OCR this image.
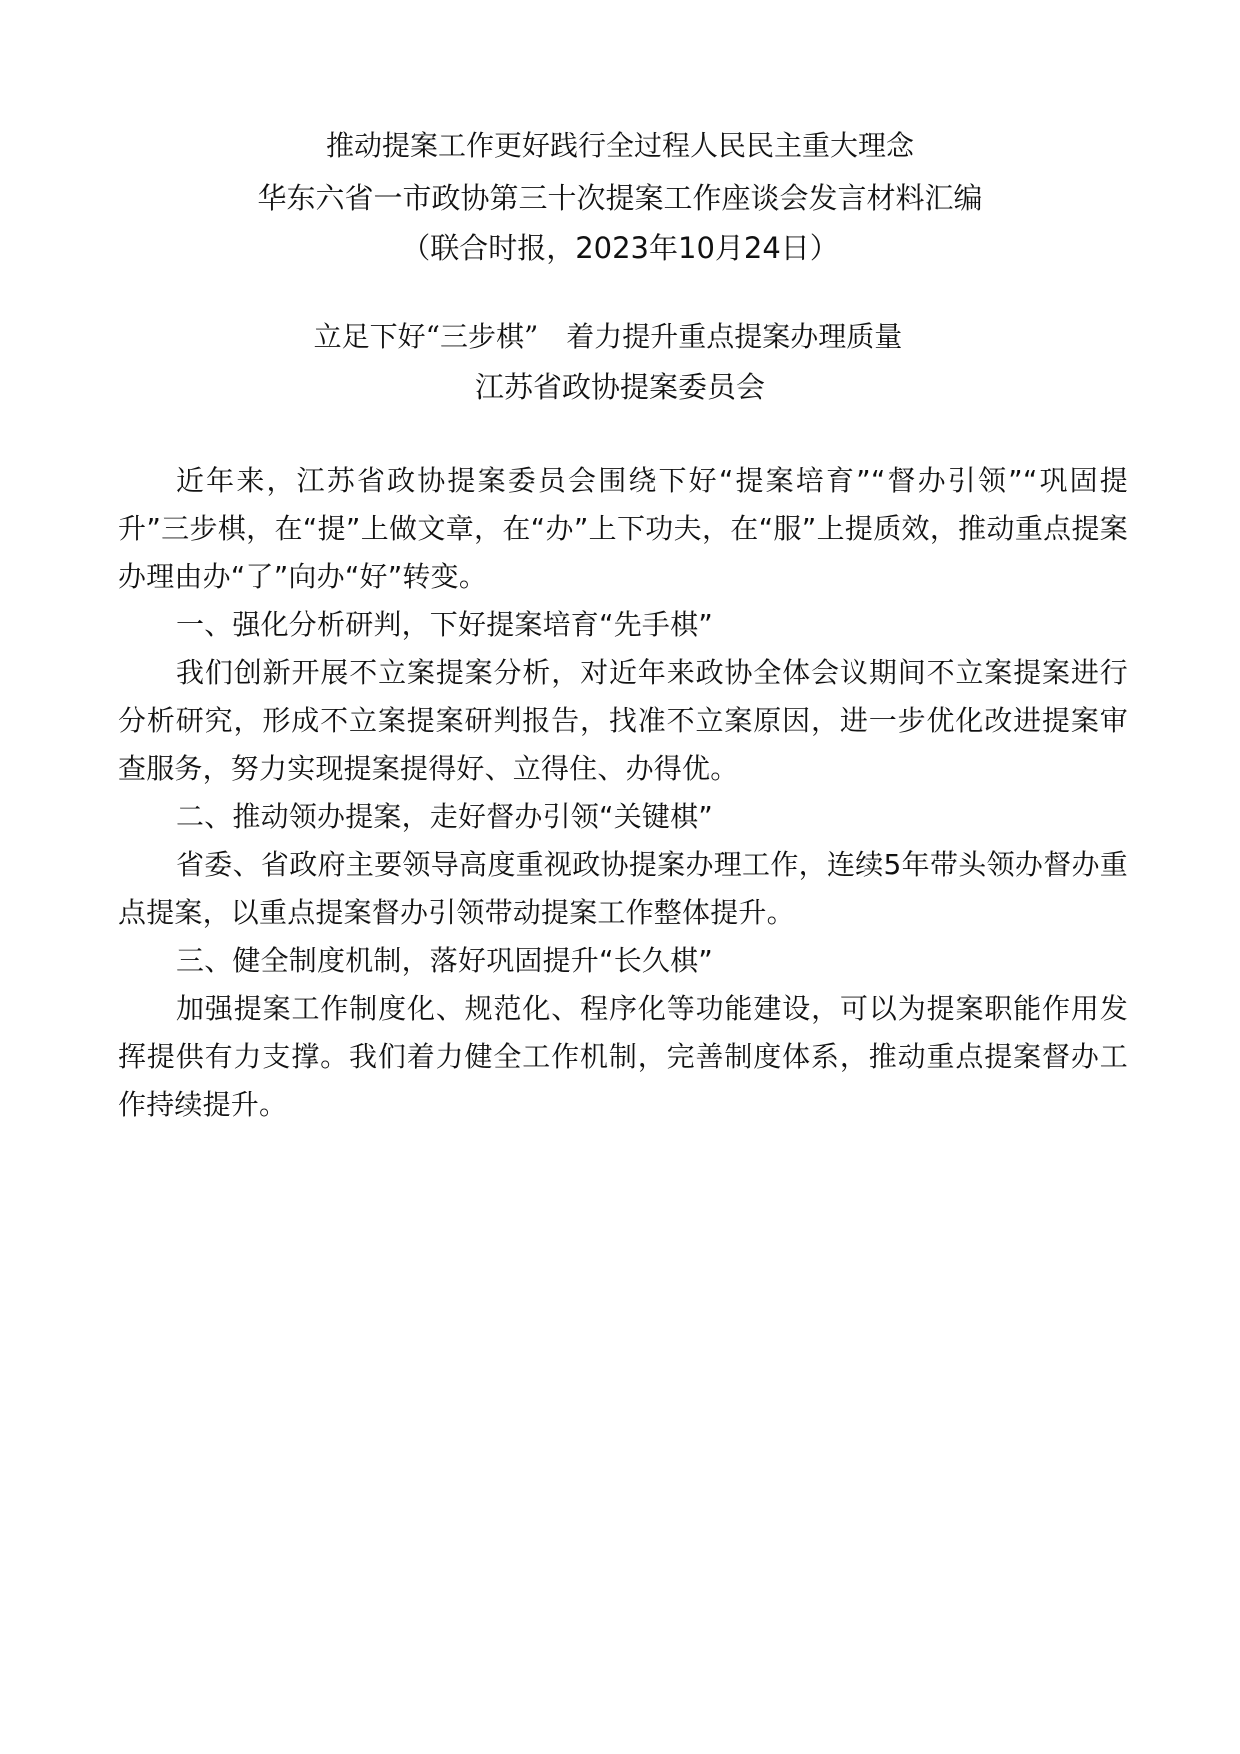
推动提案工作更好践行全过程人民民主重大理念
华东六省一市政协第三十次提案工作座谈会发言材料汇编
（联合时报，2023年10月24日）
立足下好“三步棋”　着力提升重点提案办理质量
江苏省政协提案委员会

近年来，江苏省政协提案委员会围绕下好“提案培育”“督办引领”“巩固提升”三步棋，在“提”上做文章，在“办”上下功夫，在“服”上提质效，推动重点提案办理由办“了”向办“好”转变。

一、强化分析研判，下好提案培育“先手棋”

我们创新开展不立案提案分析，对近年来政协全体会议期间不立案提案进行分析研究，形成不立案提案研判报告，找准不立案原因，进一步优化改进提案审查服务，努力实现提案提得好、立得住、办得优。

二、推动领办提案，走好督办引领“关键棋”

省委、省政府主要领导高度重视政协提案办理工作，连续5年带头领办督办重点提案，以重点提案督办引领带动提案工作整体提升。

三、健全制度机制，落好巩固提升“长久棋”

加强提案工作制度化、规范化、程序化等功能建设，可以为提案职能作用发挥提供有力支撑。我们着力健全工作机制，完善制度体系，推动重点提案督办工作持续提升。
